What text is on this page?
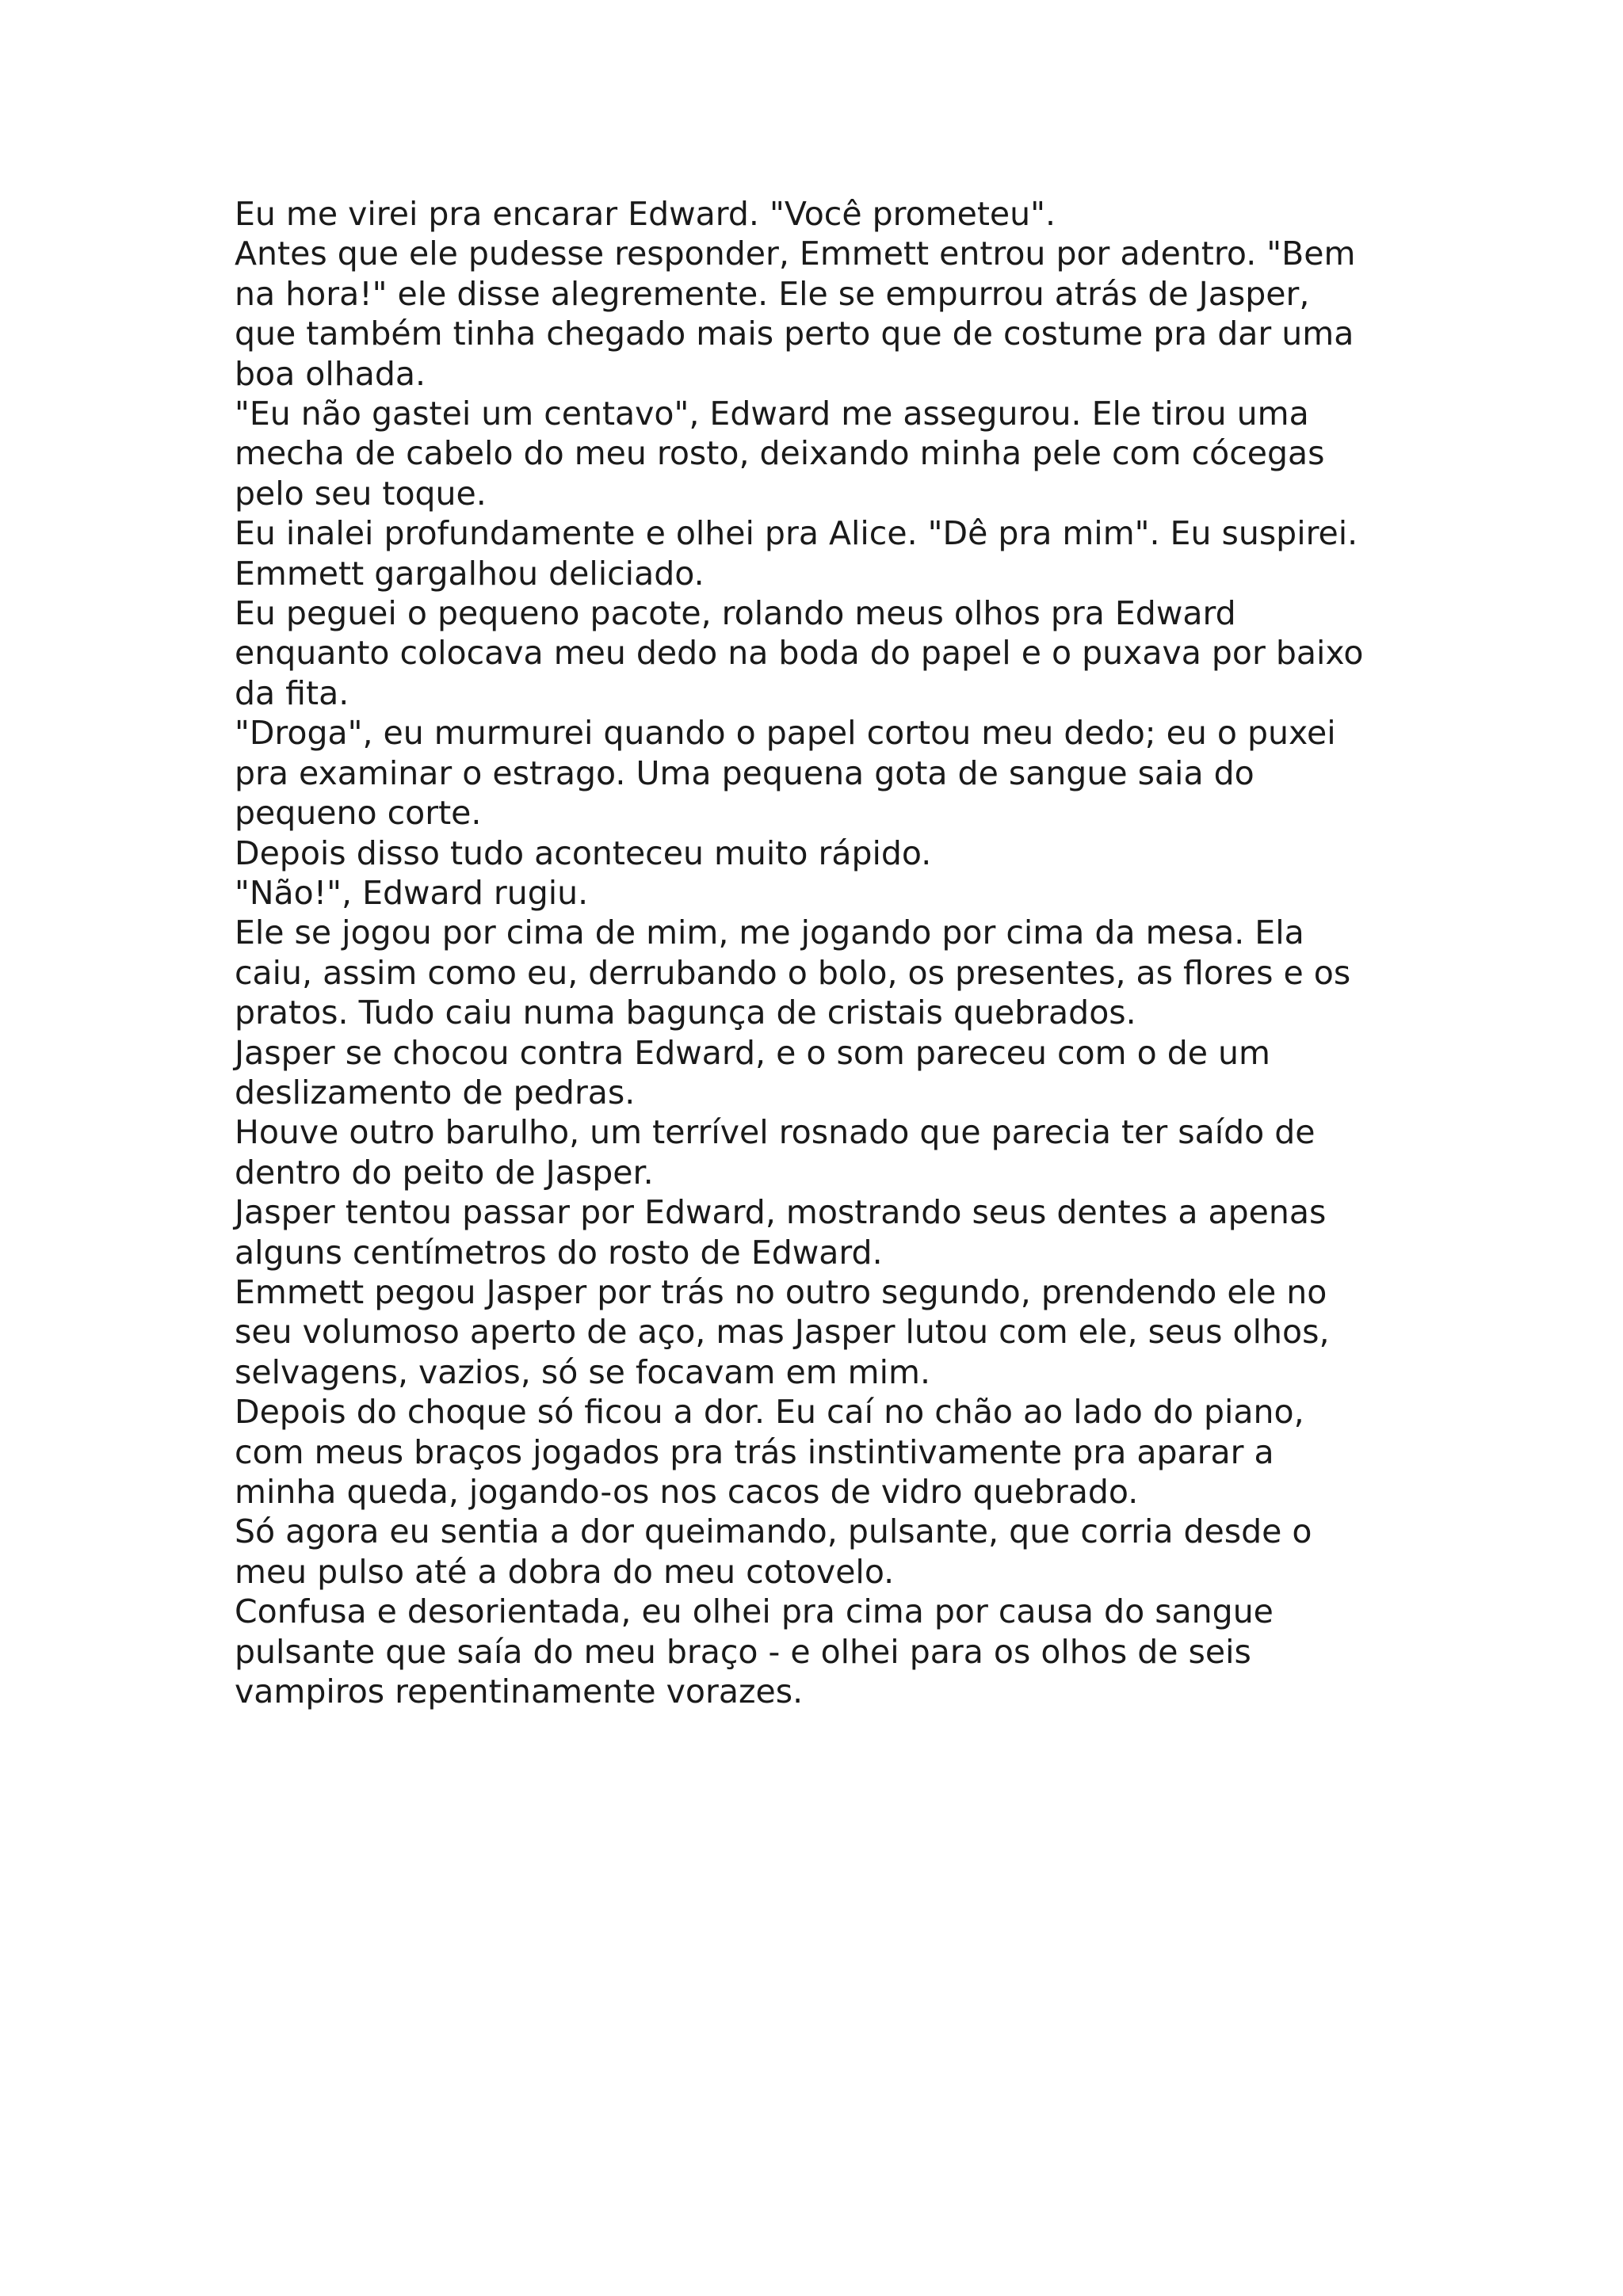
Eu me virei pra encarar Edward. "Você prometeu".
Antes que ele pudesse responder, Emmett entrou por adentro. "Bem
na hora!" ele disse alegremente. Ele se empurrou atrás de Jasper,
que também tinha chegado mais perto que de costume pra dar uma
boa olhada.
"Eu não gastei um centavo", Edward me assegurou. Ele tirou uma
mecha de cabelo do meu rosto, deixando minha pele com cócegas
pelo seu toque.
Eu inalei profundamente e olhei pra Alice. "Dê pra mim". Eu suspirei.
Emmett gargalhou deliciado.
Eu peguei o pequeno pacote, rolando meus olhos pra Edward
enquanto colocava meu dedo na boda do papel e o puxava por baixo
da fita.
"Droga", eu murmurei quando o papel cortou meu dedo; eu o puxei
pra examinar o estrago. Uma pequena gota de sangue saia do
pequeno corte.
Depois disso tudo aconteceu muito rápido.
"Não!", Edward rugiu.
Ele se jogou por cima de mim, me jogando por cima da mesa. Ela
caiu, assim como eu, derrubando o bolo, os presentes, as flores e os
pratos. Tudo caiu numa bagunça de cristais quebrados.
Jasper se chocou contra Edward, e o som pareceu com o de um
deslizamento de pedras.
Houve outro barulho, um terrível rosnado que parecia ter saído de
dentro do peito de Jasper.
Jasper tentou passar por Edward, mostrando seus dentes a apenas
alguns centímetros do rosto de Edward.
Emmett pegou Jasper por trás no outro segundo, prendendo ele no
seu volumoso aperto de aço, mas Jasper lutou com ele, seus olhos,
selvagens, vazios, só se focavam em mim.
Depois do choque só ficou a dor. Eu caí no chão ao lado do piano,
com meus braços jogados pra trás instintivamente pra aparar a
minha queda, jogando-os nos cacos de vidro quebrado.
Só agora eu sentia a dor queimando, pulsante, que corria desde o
meu pulso até a dobra do meu cotovelo.
Confusa e desorientada, eu olhei pra cima por causa do sangue
pulsante que saía do meu braço - e olhei para os olhos de seis
vampiros repentinamente vorazes.
